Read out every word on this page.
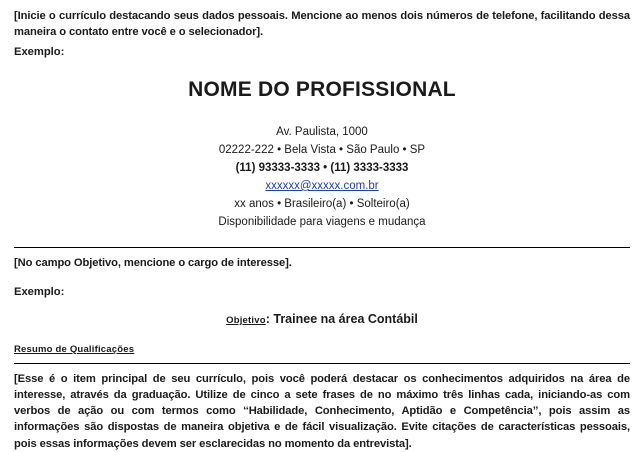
[Inicie o currículo destacando seus dados pessoais. Mencione ao menos dois números de telefone, facilitando dessa maneira o contato entre você e o selecionador].

Exemplo:

NOME DO PROFISSIONAL
Av. Paulista, 1000
02222-222 • Bela Vista • São Paulo • SP
(11) 93333-3333 • (11) 3333-3333
xxxxxx@xxxxx.com.br
xx anos • Brasileiro(a) • Solteiro(a)
Disponibilidade para viagens e mudança

[No campo Objetivo, mencione o cargo de interesse].

Exemplo:

Objetivo: Trainee na área Contábil

Resumo de Qualificações

[Esse é o item principal de seu currículo, pois você poderá destacar os conhecimentos adquiridos na área de interesse, através da graduação. Utilize de cinco a sete frases de no máximo três linhas cada, iniciando-as com verbos de ação ou com termos como ‘‘Habilidade, Conhecimento, Aptidão e Competência’’, pois assim as informações são dispostas de maneira objetiva e de fácil visualização. Evite citações de características pessoais, pois essas informações devem ser esclarecidas no momento da entrevista].
